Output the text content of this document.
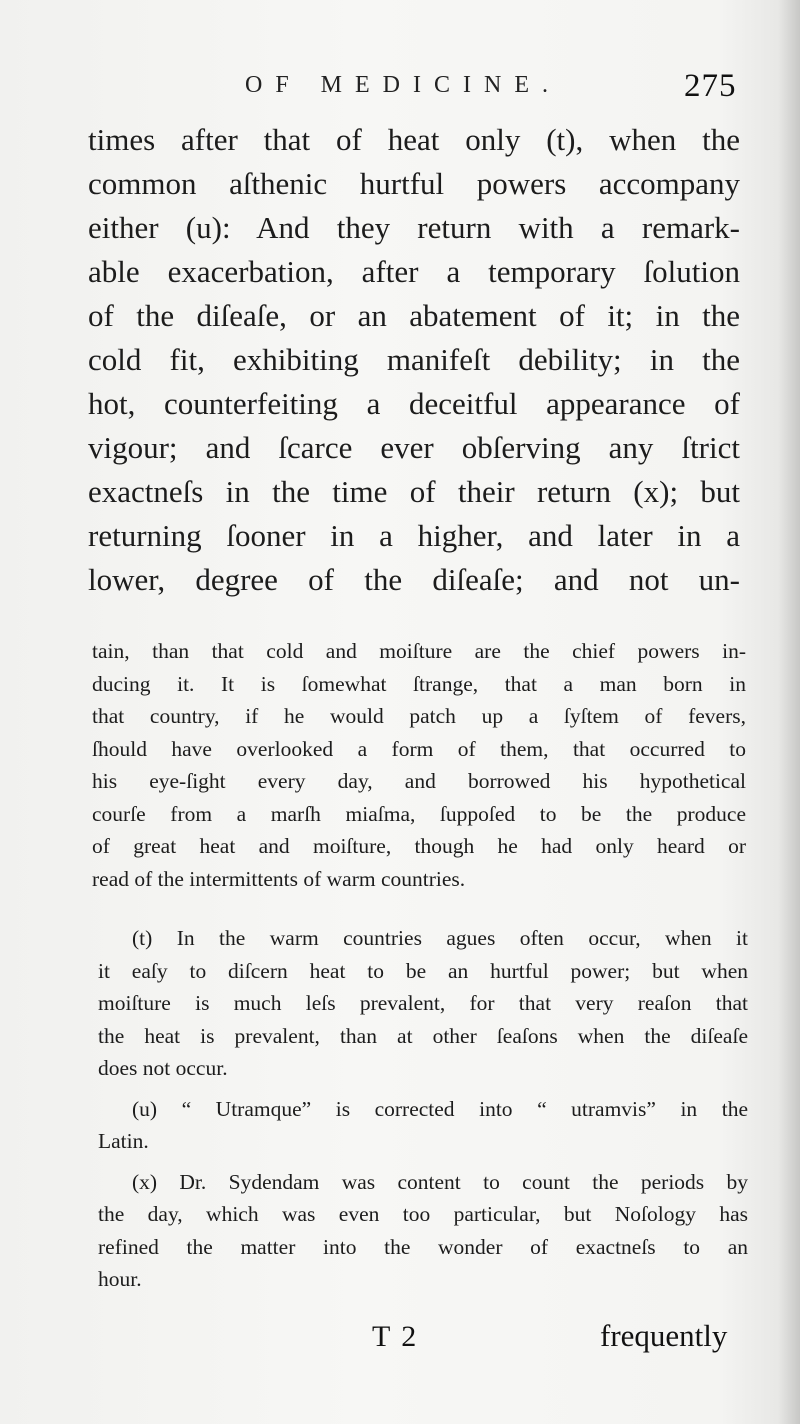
OF MEDICINE.	275
times after that of heat only (t), when the
common aſthenic hurtful powers accompany
either (u): And they return with a remark-
able exacerbation, after a temporary ſolution
of the diſeaſe, or an abatement of it; in the
cold fit, exhibiting manifeſt debility; in the
hot, counterfeiting a deceitful appearance of
vigour; and ſcarce ever obſerving any ſtrict
exactneſs in the time of their return (x); but
returning ſooner in a higher, and later in a
lower, degree of the diſeaſe; and not un-
tain, than that cold and moiſture are the chief powers in-
ducing it. It is ſomewhat ſtrange, that a man born in
that country, if he would patch up a ſyſtem of fevers,
ſhould have overlooked a form of them, that occurred to
his eye-ſight every day, and borrowed his hypothetical
courſe from a marſh miaſma, ſuppoſed to be the produce
of great heat and moiſture, though he had only heard or
read of the intermittents of warm countries.
(t) In the warm countries agues often occur, when it
it eaſy to diſcern heat to be an hurtful power; but when
moiſture is much leſs prevalent, for that very reaſon that
the heat is prevalent, than at other ſeaſons when the diſeaſe
does not occur.
(u) “ Utramque” is corrected into “ utramvis” in the
Latin.
(x) Dr. Sydendam was content to count the periods by
the day, which was even too particular, but Noſology has
refined the matter into the wonder of exactneſs to an
hour.
T 2	frequently
